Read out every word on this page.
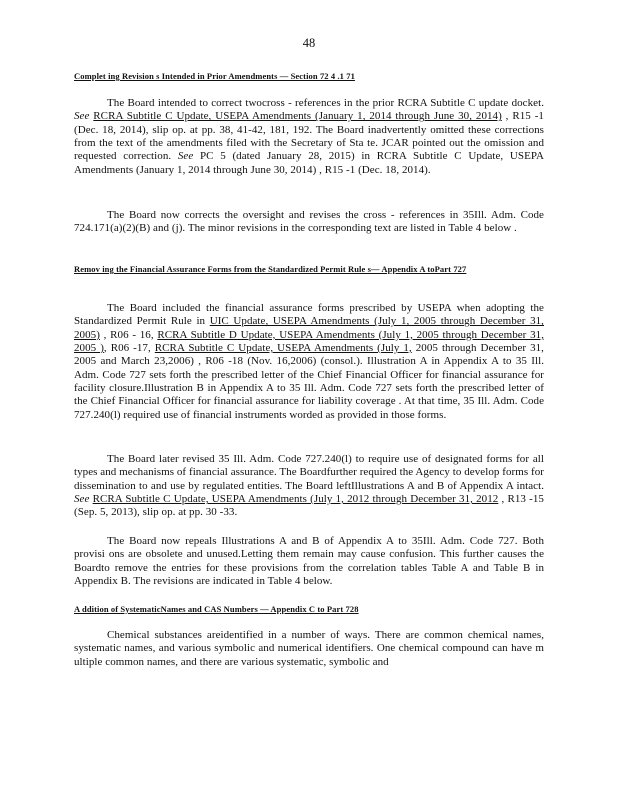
48
Complet ing Revision s Intended in Prior Amendments — Section 72 4 .1 71
The Board intended to correct twocross - references in the prior RCRA Subtitle C update docket. See RCRA Subtitle C Update, USEPA Amendments (January 1, 2014 through June 30, 2014) , R15 -1 (Dec. 18, 2014), slip op. at pp. 38, 41-42, 181, 192. The Board inadvertently omitted these corrections from the text of the amendments filed with the Secretary of Sta te. JCAR pointed out the omission and requested correction. See PC 5 (dated January 28, 2015) in RCRA Subtitle C Update, USEPA Amendments (January 1, 2014 through June 30, 2014) , R15 -1 (Dec. 18, 2014).
The Board now corrects the oversight and revises the cross - references in 35Ill. Adm. Code 724.171(a)(2)(B) and (j). The minor revisions in the corresponding text are listed in Table 4 below .
Remov ing the Financial Assurance Forms from the Standardized Permit Rule s— Appendix A toPart 727
The Board included the financial assurance forms prescribed by USEPA when adopting the Standardized Permit Rule in UIC Update, USEPA Amendments (July 1, 2005 through December 31, 2005) , R06 - 16, RCRA Subtitle D Update, USEPA Amendments (July 1, 2005 through December 31, 2005 ), R06 -17, RCRA Subtitle C Update, USEPA Amendments (July 1, 2005 through December 31, 2005 and March 23,2006) , R06 -18 (Nov. 16,2006) (consol.). Illustration A in Appendix A to 35 Ill. Adm. Code 727 sets forth the prescribed letter of the Chief Financial Officer for financial assurance for facility closure.Illustration B in Appendix A to 35 Ill. Adm. Code 727 sets forth the prescribed letter of the Chief Financial Officer for financial assurance for liability coverage . At that time, 35 Ill. Adm. Code 727.240(l) required use of financial instruments worded as provided in those forms.
The Board later revised 35 Ill. Adm. Code 727.240(l) to require use of designated forms for all types and mechanisms of financial assurance. The Boardfurther required the Agency to develop forms for dissemination to and use by regulated entities. The Board leftIllustrations A and B of Appendix A intact. See RCRA Subtitle C Update, USEPA Amendments (July 1, 2012 through December 31, 2012 , R13 -15 (Sep. 5, 2013), slip op. at pp. 30 -33.
The Board now repeals Illustrations A and B of Appendix A to 35Ill. Adm. Code 727. Both provisi ons are obsolete and unused.Letting them remain may cause confusion. This further causes the Boardto remove the entries for these provisions from the correlation tables Table A and Table B in Appendix B. The revisions are indicated in Table 4 below.
A ddition of SystematicNames and CAS Numbers — Appendix C to Part 728
Chemical substances areidentified in a number of ways. There are common chemical names, systematic names, and various symbolic and numerical identifiers. One chemical compound can have m ultiple common names, and there are various systematic, symbolic and
